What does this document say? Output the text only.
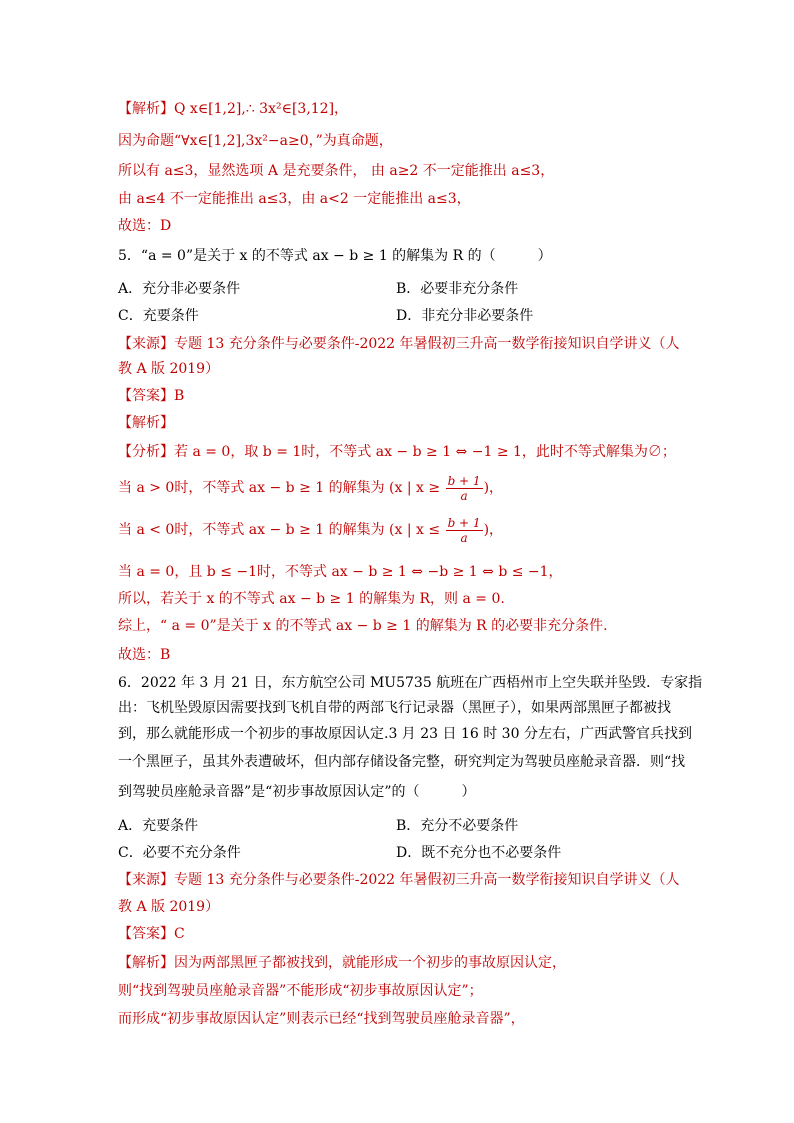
【解析】Q x∈[1,2],∴ 3x²∈[3,12]，
因为命题“∀x∈[1,2],3x²−a≥0，”为真命题，
所以有 a≤3，显然选项 A 是充要条件， 由 a≥2 不一定能推出 a≤3，
由 a≤4 不一定能推出 a≤3，由 a<2 一定能推出 a≤3，
故选：D
5．“a = 0”是关于 x 的不等式 ax − b ≥ 1 的解集为 R 的（　　　）
A．充分非必要条件	B．必要非充分条件
C．充要条件	D．非充分非必要条件
【来源】专题 13 充分条件与必要条件-2022 年暑假初三升高一数学衔接知识自学讲义（人
教 A 版 2019）
【答案】B
【解析】
【分析】若 a = 0，取 b = 1时，不等式 ax − b ≥ 1 ⇔ −1 ≥ 1，此时不等式解集为∅；
当 a > 0时，不等式 ax − b ≥ 1 的解集为 (x | $x \ge \frac{b + 1}{a}$ )，
当 a < 0时，不等式 ax − b ≥ 1 的解集为 (x | $x \le \frac{b + 1}{a}$ )，
当 a = 0，且 b ≤ −1时，不等式 ax − b ≥ 1 ⇔ −b ≥ 1 ⇔ b ≤ −1，
所以，若关于 x 的不等式 ax − b ≥ 1 的解集为 R，则 a = 0.
综上，“ a = 0”是关于 x 的不等式 ax − b ≥ 1 的解集为 R 的必要非充分条件.
故选：B
6．2022 年 3 月 21 日，东方航空公司 MU5735 航班在广西梧州市上空失联并坠毁．专家指
出：飞机坠毁原因需要找到飞机自带的两部飞行记录器（黑匣子），如果两部黑匣子都被找
到，那么就能形成一个初步的事故原因认定.3 月 23 日 16 时 30 分左右，广西武警官兵找到
一个黑匣子，虽其外表遭破坏，但内部存储设备完整，研究判定为驾驶员座舱录音器．则“找
到驾驶员座舱录音器”是“初步事故原因认定”的（　　　）
A．充要条件	B．充分不必要条件
C．必要不充分条件	D．既不充分也不必要条件
【来源】专题 13 充分条件与必要条件-2022 年暑假初三升高一数学衔接知识自学讲义（人
教 A 版 2019）
【答案】C
【解析】因为两部黑匣子都被找到，就能形成一个初步的事故原因认定，
则“找到驾驶员座舱录音器”不能形成“初步事故原因认定”；
而形成“初步事故原因认定”则表示已经“找到驾驶员座舱录音器”，
